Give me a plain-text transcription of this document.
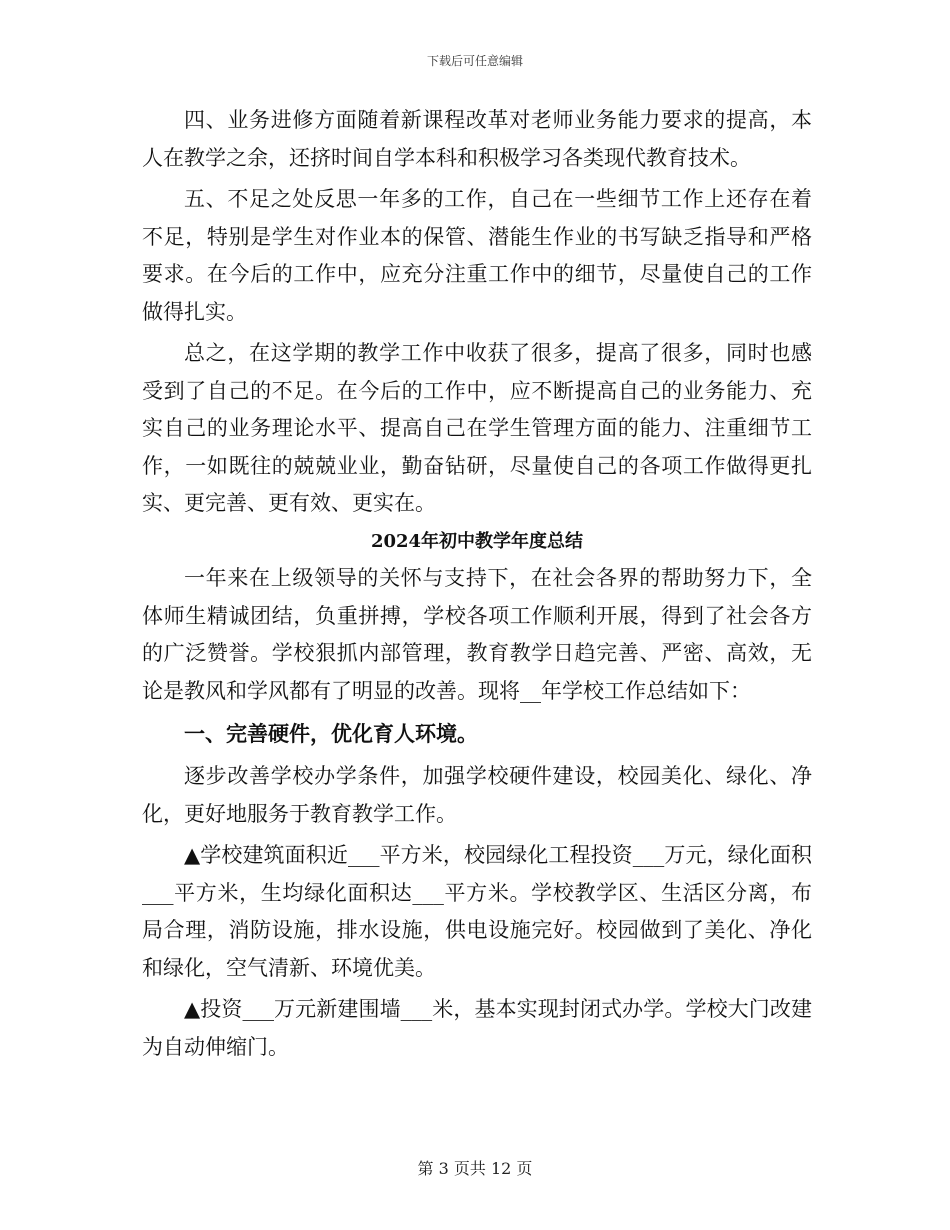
下载后可任意编辑

四、业务进修方面随着新课程改革对老师业务能力要求的提高，本人在教学之余，还挤时间自学本科和积极学习各类现代教育技术。

五、不足之处反思一年多的工作，自己在一些细节工作上还存在着不足，特别是学生对作业本的保管、潜能生作业的书写缺乏指导和严格要求。在今后的工作中，应充分注重工作中的细节，尽量使自己的工作做得扎实。

总之，在这学期的教学工作中收获了很多，提高了很多，同时也感受到了自己的不足。在今后的工作中，应不断提高自己的业务能力、充实自己的业务理论水平、提高自己在学生管理方面的能力、注重细节工作，一如既往的兢兢业业，勤奋钻研，尽量使自己的各项工作做得更扎实、更完善、更有效、更实在。

2024年初中教学年度总结

一年来在上级领导的关怀与支持下，在社会各界的帮助努力下，全体师生精诚团结，负重拼搏，学校各项工作顺利开展，得到了社会各方的广泛赞誉。学校狠抓内部管理，教育教学日趋完善、严密、高效，无论是教风和学风都有了明显的改善。现将__年学校工作总结如下：

一、完善硬件，优化育人环境。

逐步改善学校办学条件，加强学校硬件建设，校园美化、绿化、净化，更好地服务于教育教学工作。

▲学校建筑面积近___平方米，校园绿化工程投资___万元，绿化面积___平方米，生均绿化面积达___平方米。学校教学区、生活区分离，布局合理，消防设施，排水设施，供电设施完好。校园做到了美化、净化和绿化，空气清新、环境优美。

▲投资___万元新建围墙___米，基本实现封闭式办学。学校大门改建为自动伸缩门。

第 3 页共 12 页
